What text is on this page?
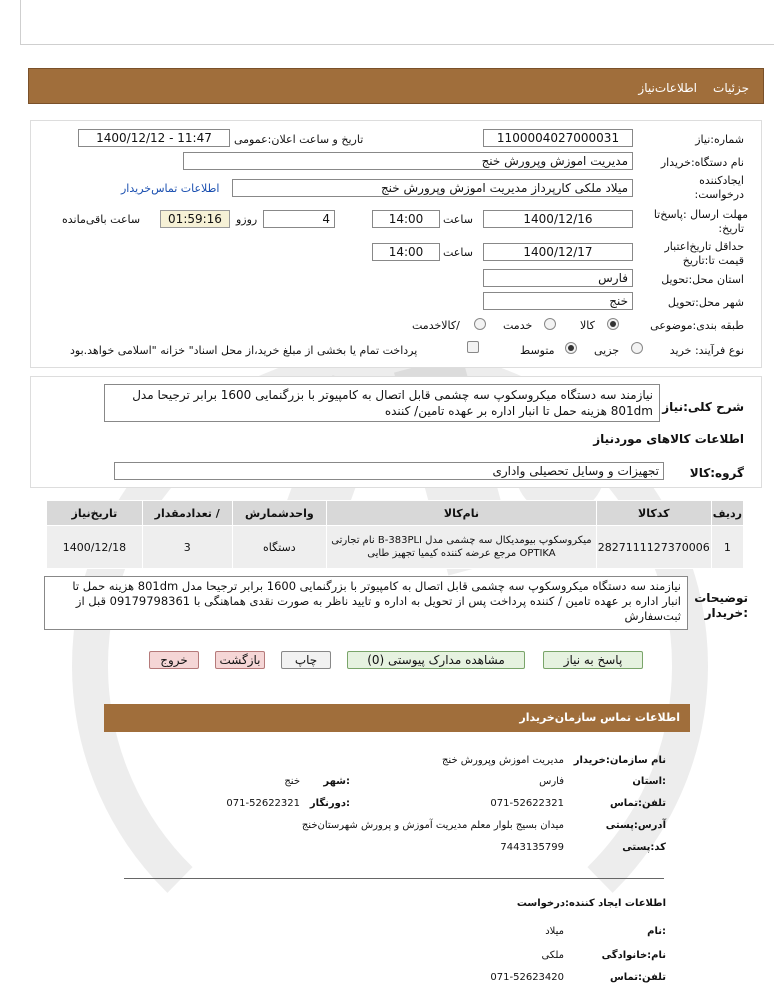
جزئیات
اطلاعات‌نیاز
شماره:نیاز
1100004027000031
تاریخ و ساعت اعلان:عمومی
1400/12/12 - 11:47
نام دستگاه:خریدار
مدیریت اموزش وپرورش خنج
ایجادکننده
درخواست:
میلاد ملکی کارپرداز مدیریت اموزش وپرورش خنج
اطلاعات تماس‌خریدار
مهلت ارسال :پاسخ‌تا
تاریخ:
1400/12/16
ساعت
14:00
4
روزو
01:59:16
ساعت باقی‌مانده
حداقل تاریخ‌اعتبار
قیمت تا:تاریخ
1400/12/17
ساعت
14:00
استان محل:تحویل
فارس
شهر محل:تحویل
خنج
طبقه بندی:موضوعی
کالا
خدمت
/کالاخدمت
نوع فرآیند: خرید
جزیی
متوسط
پرداخت تمام یا بخشی از مبلغ خرید،از محل اسناد" خزانه "اسلامی خواهد.بود
شرح کلی:نیاز
نیازمند سه دستگاه میکروسکوپ سه چشمی قابل اتصال به کامپیوتر با بزرگنمایی 1600 برابر ترجیحا مدل 801dm هزینه حمل تا انبار اداره بر عهده تامین/ کننده
اطلاعات کالاهای موردنیاز
گروه:کالا
تجهیزات و وسایل تحصیلی واداری
ردیف	کدکالا	نام‌کالا	واحدشمارش	/ تعدادمقدار	تاریخ‌نیاز
1	2827111127370006	میکروسکوپ بیومدیکال سه چشمی مدل B-383PLI نام تجارتی OPTIKA مرجع عرضه کننده کیمیا تجهیز طایی	دستگاه	3	1400/12/18
توضیحات
:خریدار
نیازمند سه دستگاه میکروسکوپ سه چشمی قابل اتصال به کامپیوتر با بزرگنمایی 1600 برابر ترجیحا مدل 801dm هزینه حمل تا انبار اداره بر عهده تامین / کننده پرداخت پس از تحویل به اداره و تایید ناظر به صورت نقدی هماهنگی با 09179798361 قبل از ثبت‌سفارش
پاسخ به نیاز
مشاهده مدارک پیوستی (0)
چاپ
بازگشت
خروج
اطلاعات تماس سازمان‌خریدار
نام سازمان:خریدار
مدیریت اموزش وپرورش خنج
:استان
فارس
:شهر
خنج
تلفن:تماس
071-52622321
:دورنگار
071-52622321
آدرس:پستی
میدان بسیج بلوار معلم مدیریت آموزش و پرورش شهرستان‌خنج
کد:پستی
7443135799
اطلاعات ایجاد کننده:درخواست
:نام
میلاد
نام:خانوادگی
ملکی
تلفن:تماس
071-52623420
